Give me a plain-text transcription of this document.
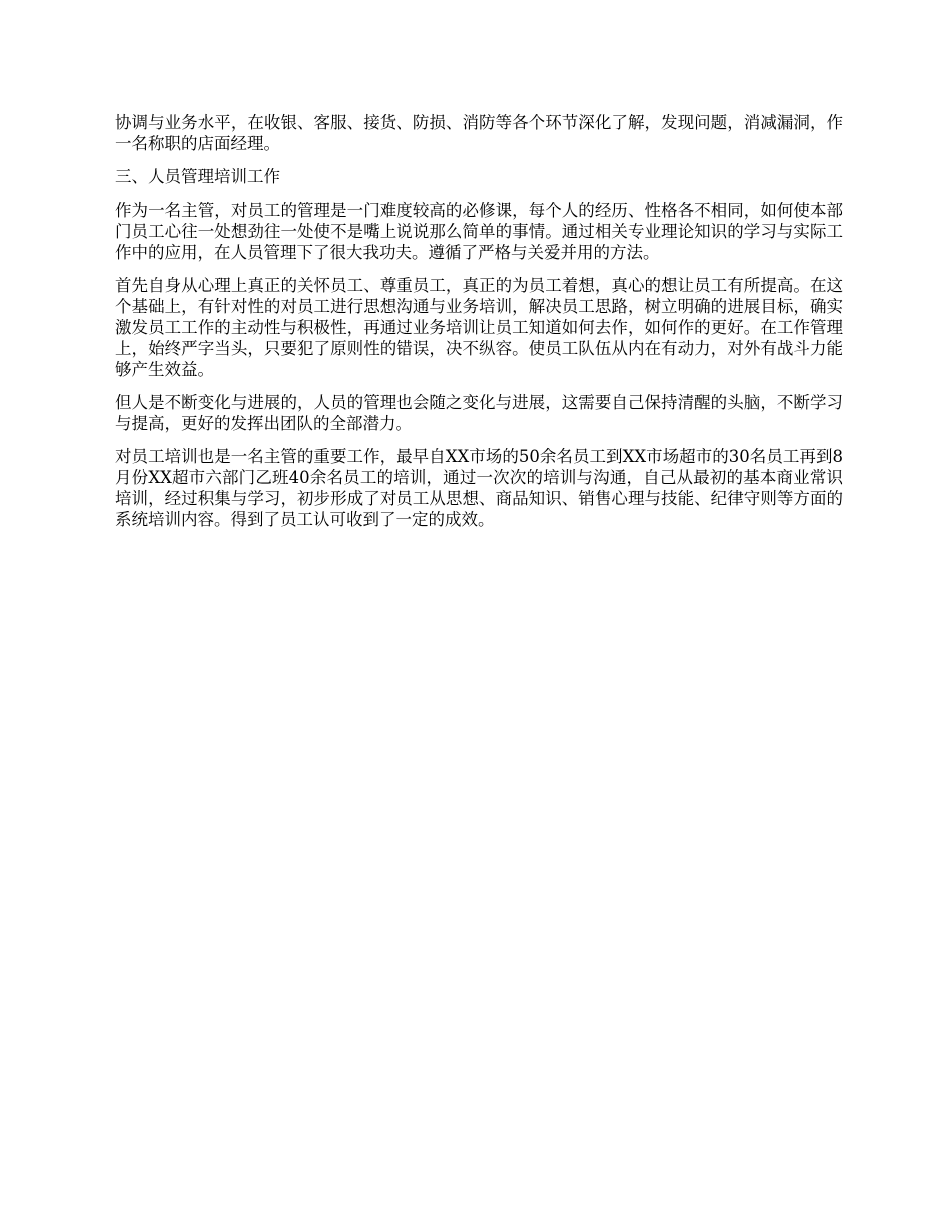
协调与业务水平，在收银、客服、接货、防损、消防等各个环节深化了解，发现问题，消减漏洞，作一名称职的店面经理。

三、人员管理培训工作

作为一名主管，对员工的管理是一门难度较高的必修课，每个人的经历、性格各不相同，如何使本部门员工心往一处想劲往一处使不是嘴上说说那么简单的事情。通过相关专业理论知识的学习与实际工作中的应用，在人员管理下了很大我功夫。遵循了严格与关爱并用的方法。

首先自身从心理上真正的关怀员工、尊重员工，真正的为员工着想，真心的想让员工有所提高。在这个基础上，有针对性的对员工进行思想沟通与业务培训，解决员工思路，树立明确的进展目标，确实激发员工工作的主动性与积极性，再通过业务培训让员工知道如何去作，如何作的更好。在工作管理上，始终严字当头，只要犯了原则性的错误，决不纵容。使员工队伍从内在有动力，对外有战斗力能够产生效益。

但人是不断变化与进展的，人员的管理也会随之变化与进展，这需要自己保持清醒的头脑，不断学习与提高，更好的发挥出团队的全部潜力。

对员工培训也是一名主管的重要工作，最早自XX市场的50余名员工到XX市场超市的30名员工再到8月份XX超市六部门乙班40余名员工的培训，通过一次次的培训与沟通，自己从最初的基本商业常识培训，经过积集与学习，初步形成了对员工从思想、商品知识、销售心理与技能、纪律守则等方面的系统培训内容。得到了员工认可收到了一定的成效。
